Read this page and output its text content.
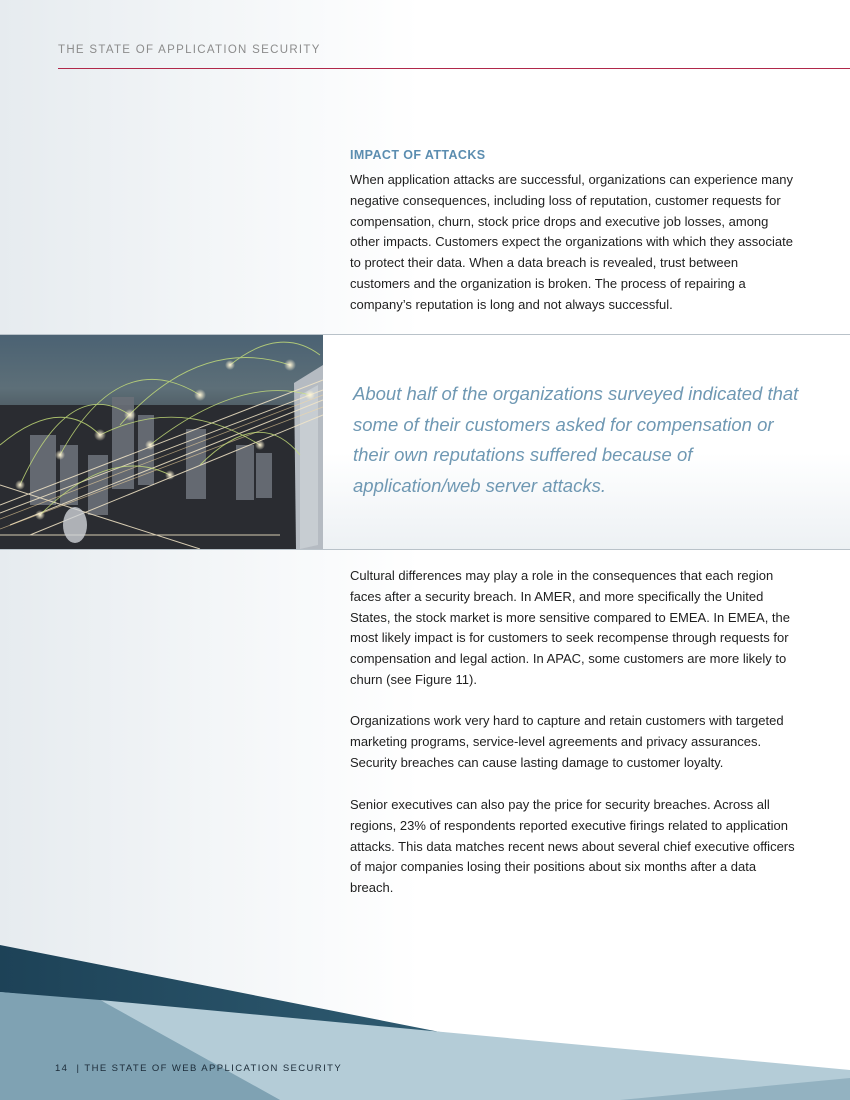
THE STATE OF APPLICATION SECURITY
IMPACT OF ATTACKS
When application attacks are successful, organizations can experience many negative consequences, including loss of reputation, customer requests for compensation, churn, stock price drops and executive job losses, among other impacts. Customers expect the organizations with which they associate to protect their data. When a data breach is revealed, trust between customers and the organization is broken. The process of repairing a company’s reputation is long and not always successful.
About half of the organizations surveyed indicated that some of their customers asked for compensation or their own reputations suffered because of application/web server attacks.
Cultural differences may play a role in the consequences that each region faces after a security breach. In AMER, and more specifically the United States, the stock market is more sensitive compared to EMEA. In EMEA, the most likely impact is for customers to seek recompense through requests for compensation and legal action. In APAC, some customers are more likely to churn (see Figure 11).
Organizations work very hard to capture and retain customers with targeted marketing programs, service-level agreements and privacy assurances. Security breaches can cause lasting damage to customer loyalty.
Senior executives can also pay the price for security breaches. Across all regions, 23% of respondents reported executive firings related to application attacks. This data matches recent news about several chief executive officers of major companies losing their positions about six months after a data breach.
14 | THE STATE OF WEB APPLICATION SECURITY
